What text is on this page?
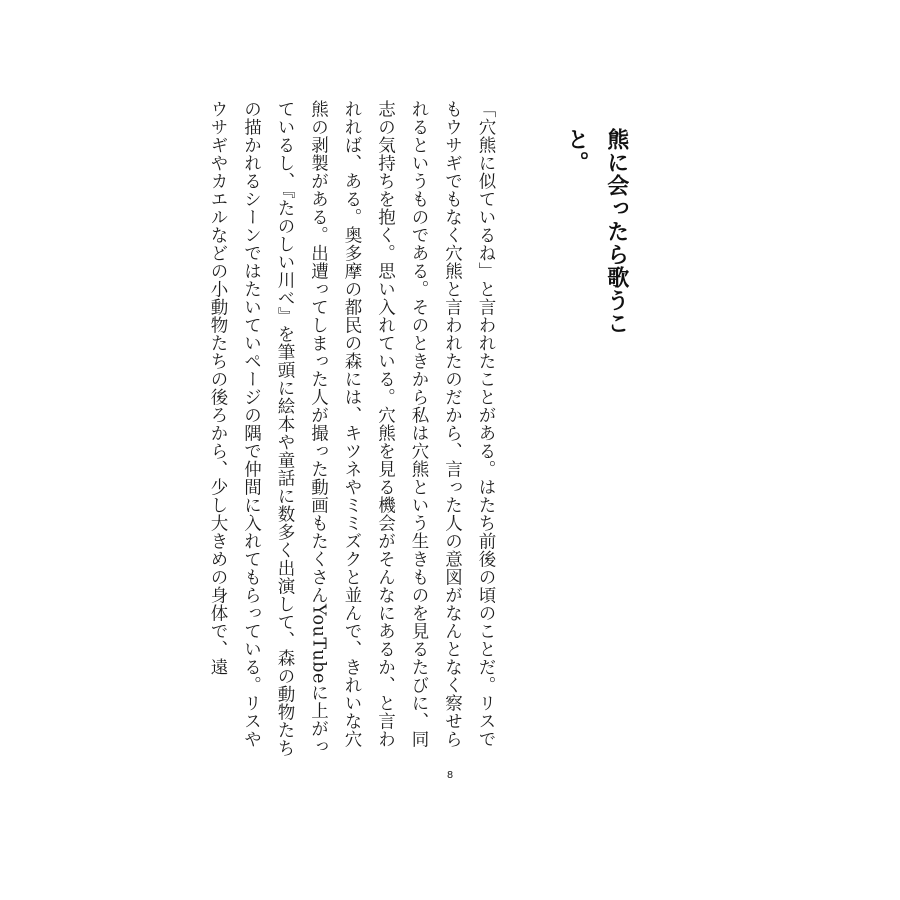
熊に会ったら歌うこと。

「穴熊に似ているね」と言われたことがある。はたち前後の頃のことだ。リスでもウサギでもなく穴熊と言われたのだから、言った人の意図がなんとなく察せられるというものである。そのときから私は穴熊という生きものを見るたびに、同志の気持ちを抱く。思い入れている。穴熊を見る機会がそんなにあるか、と言われれば、ある。奥多摩の都民の森には、キツネやミミズクと並んで、きれいな穴熊の剥製がある。出遭ってしまった人が撮った動画もたくさんYouTubeに上がっているし、『たのしい川べ』を筆頭に絵本や童話に数多く出演して、森の動物たちの描かれるシーンではたいていページの隅で仲間に入れてもらっている。リスやウサギやカエルなどの小動物たちの後ろから、少し大きめの身体で、遠

8
